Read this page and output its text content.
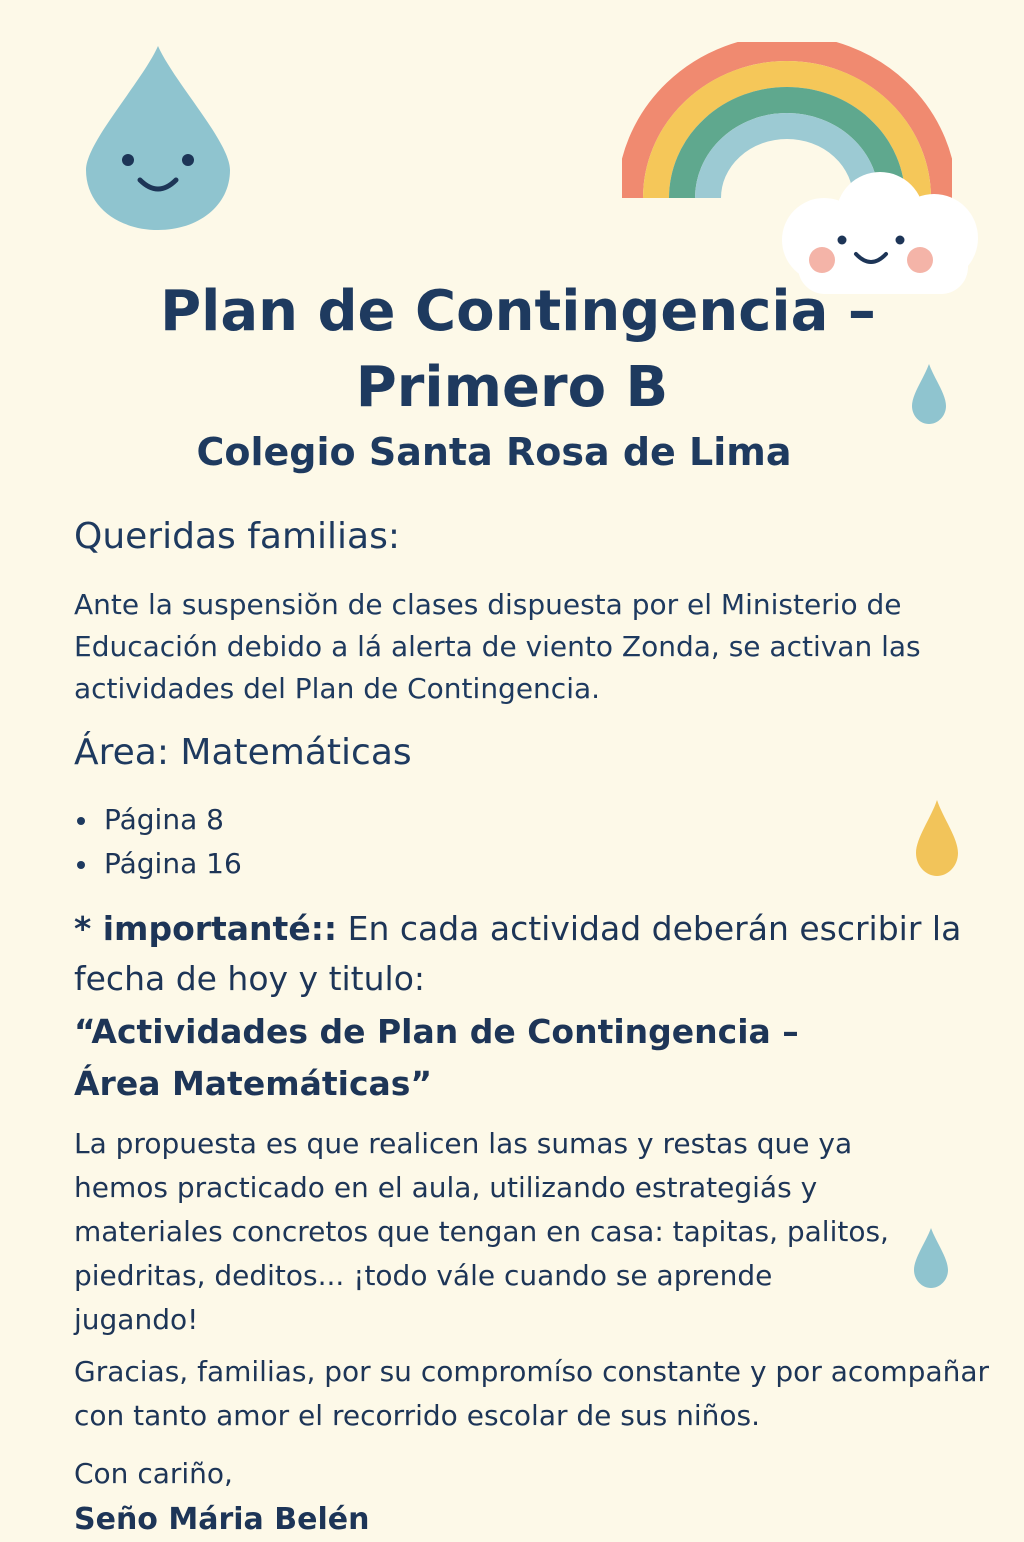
Plan de Contingencia –
Primero B
Colegio Santa Rosa de Lima
Queridas familias:
Ante la suspensiŏn de clases dispuesta por el Ministerio de Educación debido a lá alerta de viento Zonda, se activan las actividades del Plan de Contingencia.
Área: Matemáticas
Página 8
Página 16
* importanté:: En cada actividad deberán escribir la fecha de hoy y titulo:
“Actividades de Plan de Contingencia –
Área Matemáticas”
La propuesta es que realicen las sumas y restas que ya hemos practicado en el aula, utilizando estrategiás y materiales concretos que tengan en casa: tapitas, palitos, piedritas, deditos... ¡todo vále cuando se aprende jugando!
Gracias, familias, por su compromíso constante y por acompañar con tanto amor el recorrido escolar de sus niños.
Con cariño,
Seño Mária Belén
